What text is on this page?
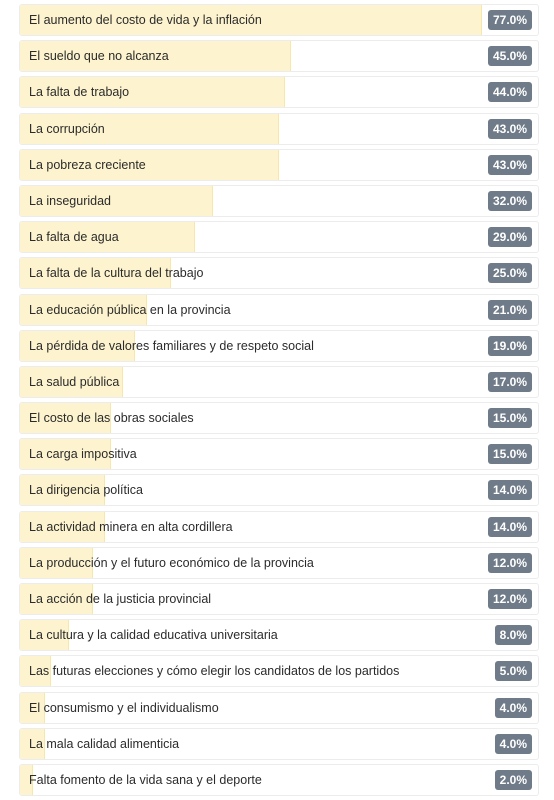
El aumento del costo de vida y la inflación	77.0%
El sueldo que no alcanza	45.0%
La falta de trabajo	44.0%
La corrupción	43.0%
La pobreza creciente	43.0%
La inseguridad	32.0%
La falta de agua	29.0%
La falta de la cultura del trabajo	25.0%
La educación pública en la provincia	21.0%
La pérdida de valores familiares y de respeto social	19.0%
La salud pública	17.0%
El costo de las obras sociales	15.0%
La carga impositiva	15.0%
La dirigencia política	14.0%
La actividad minera en alta cordillera	14.0%
La producción y el futuro económico de la provincia	12.0%
La acción de la justicia provincial	12.0%
La cultura y la calidad educativa universitaria	8.0%
Las futuras elecciones y cómo elegir los candidatos de los partidos	5.0%
El consumismo y el individualismo	4.0%
La mala calidad alimenticia	4.0%
Falta fomento de la vida sana y el deporte	2.0%
